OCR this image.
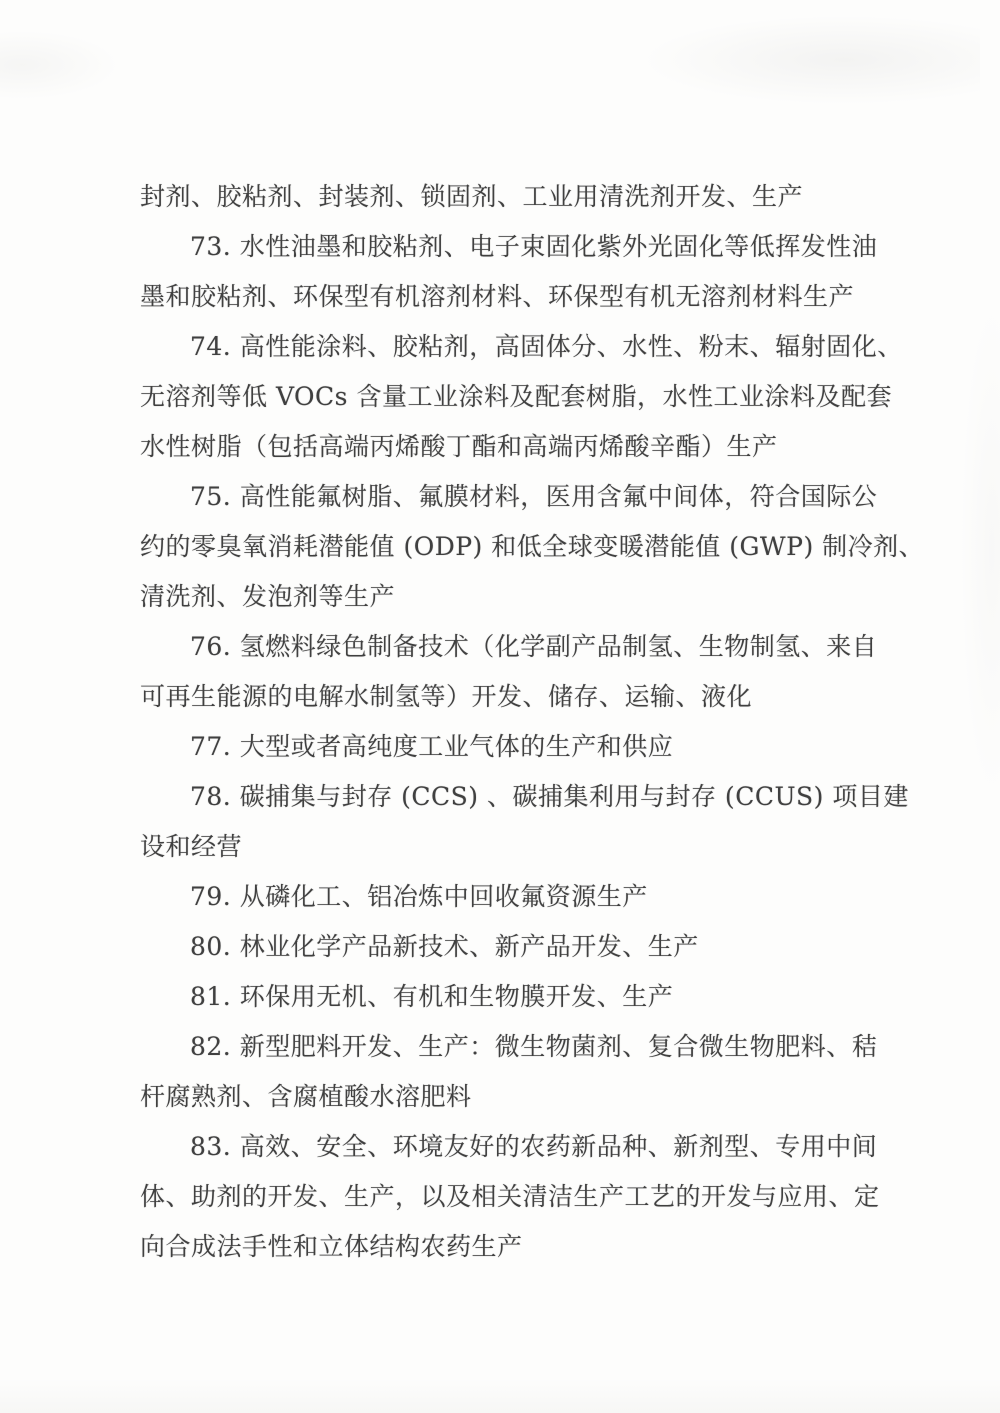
封剂、胶粘剂、封装剂、锁固剂、工业用清洗剂开发、生产
73. 水性油墨和胶粘剂、电子束固化紫外光固化等低挥发性油
墨和胶粘剂、环保型有机溶剂材料、环保型有机无溶剂材料生产
74. 高性能涂料、胶粘剂，高固体分、水性、粉末、辐射固化、
无溶剂等低 VOCs 含量工业涂料及配套树脂，水性工业涂料及配套
水性树脂（包括高端丙烯酸丁酯和高端丙烯酸辛酯）生产
75. 高性能氟树脂、氟膜材料，医用含氟中间体，符合国际公
约的零臭氧消耗潜能值 (ODP) 和低全球变暖潜能值 (GWP) 制冷剂、
清洗剂、发泡剂等生产
76. 氢燃料绿色制备技术（化学副产品制氢、生物制氢、来自
可再生能源的电解水制氢等）开发、储存、运输、液化
77. 大型或者高纯度工业气体的生产和供应
78. 碳捕集与封存 (CCS) 、碳捕集利用与封存 (CCUS) 项目建
设和经营
79. 从磷化工、铝冶炼中回收氟资源生产
80. 林业化学产品新技术、新产品开发、生产
81. 环保用无机、有机和生物膜开发、生产
82. 新型肥料开发、生产：微生物菌剂、复合微生物肥料、秸
杆腐熟剂、含腐植酸水溶肥料
83. 高效、安全、环境友好的农药新品种、新剂型、专用中间
体、助剂的开发、生产，以及相关清洁生产工艺的开发与应用、定
向合成法手性和立体结构农药生产
